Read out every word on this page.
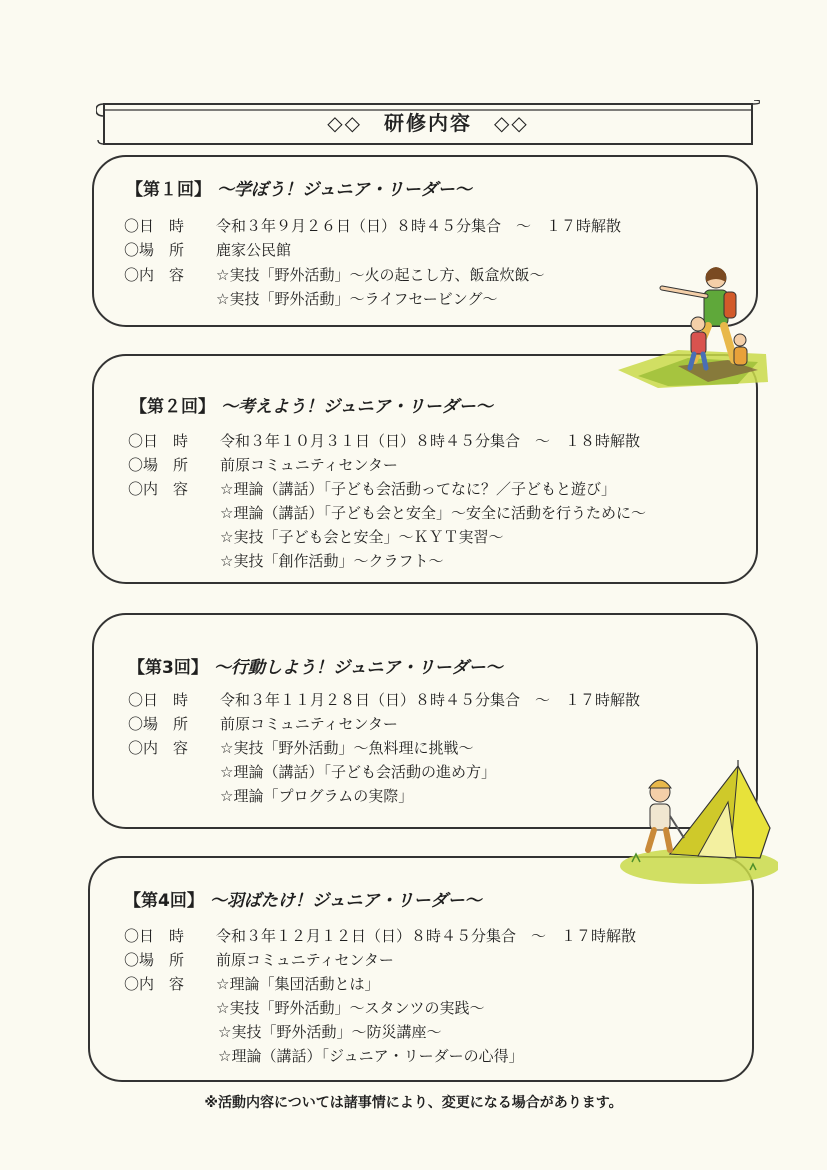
◇◇　研修内容　◇◇
【第１回】 ～学ぼう！ジュニア・リーダー～
〇日　時 令和３年９月２６日（日）８時４５分集合　～　１７時解散
〇場　所 鹿家公民館
〇内　容 ☆実技「野外活動」～火の起こし方、飯盒炊飯～
☆実技「野外活動」～ライフセービング～
【第２回】 ～考えよう！ジュニア・リーダー～
〇日　時 令和３年１０月３１日（日）８時４５分集合　～　１８時解散
〇場　所 前原コミュニティセンター
〇内　容 ☆理論（講話）｢子ども会活動ってなに？／子どもと遊び｣
☆理論（講話）｢子ども会と安全」～安全に活動を行うために～
☆実技「子ども会と安全」～ＫＹＴ実習～
☆実技「創作活動」～クラフト～
【第3回】 ～行動しよう！ジュニア・リーダー～
〇日　時 令和３年１１月２８日（日）８時４５分集合　～　１７時解散
〇場　所 前原コミュニティセンター
〇内　容 ☆実技「野外活動」～魚料理に挑戦～
☆理論（講話）「子ども会活動の進め方」
☆理論「プログラムの実際」
【第4回】 ～羽ばたけ！ジュニア・リーダー～
〇日　時 令和３年１２月１２日（日）８時４５分集合　～　１７時解散
〇場　所 前原コミュニティセンター
〇内　容 ☆理論「集団活動とは」
☆実技「野外活動」～スタンツの実践～
☆実技「野外活動」～防災講座～
☆理論（講話）「ジュニア・リーダーの心得」
※活動内容については諸事情により、変更になる場合があります。
